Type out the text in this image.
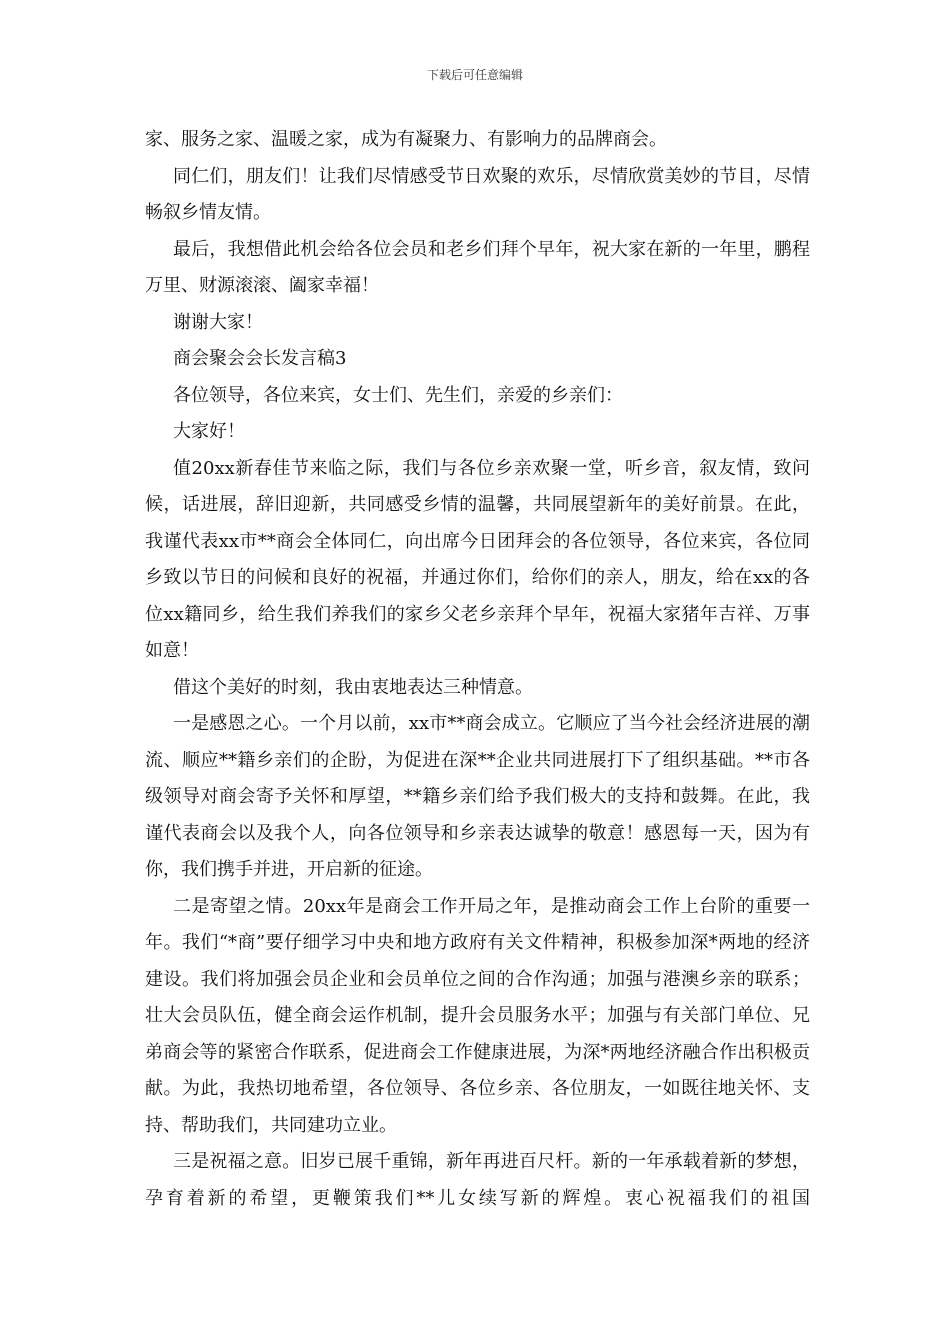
下载后可任意编辑

家、服务之家、温暖之家，成为有凝聚力、有影响力的品牌商会。

同仁们，朋友们！让我们尽情感受节日欢聚的欢乐，尽情欣赏美妙的节目，尽情畅叙乡情友情。

最后，我想借此机会给各位会员和老乡们拜个早年，祝大家在新的一年里，鹏程万里、财源滚滚、阖家幸福！

谢谢大家！

商会聚会会长发言稿3

各位领导，各位来宾，女士们、先生们，亲爱的乡亲们：

大家好！

值20xx新春佳节来临之际，我们与各位乡亲欢聚一堂，听乡音，叙友情，致问候，话进展，辞旧迎新，共同感受乡情的温馨，共同展望新年的美好前景。在此，我谨代表xx市**商会全体同仁，向出席今日团拜会的各位领导，各位来宾，各位同乡致以节日的问候和良好的祝福，并通过你们，给你们的亲人，朋友，给在xx的各位xx籍同乡，给生我们养我们的家乡父老乡亲拜个早年，祝福大家猪年吉祥、万事如意！

借这个美好的时刻，我由衷地表达三种情意。

一是感恩之心。一个月以前，xx市**商会成立。它顺应了当今社会经济进展的潮流、顺应**籍乡亲们的企盼，为促进在深**企业共同进展打下了组织基础。**市各级领导对商会寄予关怀和厚望，**籍乡亲们给予我们极大的支持和鼓舞。在此，我谨代表商会以及我个人，向各位领导和乡亲表达诚挚的敬意！感恩每一天，因为有你，我们携手并进，开启新的征途。

二是寄望之情。20xx年是商会工作开局之年，是推动商会工作上台阶的重要一年。我们“*商”要仔细学习中央和地方政府有关文件精神，积极参加深*两地的经济建设。我们将加强会员企业和会员单位之间的合作沟通；加强与港澳乡亲的联系；壮大会员队伍，健全商会运作机制，提升会员服务水平；加强与有关部门单位、兄弟商会等的紧密合作联系，促进商会工作健康进展，为深*两地经济融合作出积极贡献。为此，我热切地希望，各位领导、各位乡亲、各位朋友，一如既往地关怀、支持、帮助我们，共同建功立业。

三是祝福之意。旧岁已展千重锦，新年再进百尺杆。新的一年承载着新的梦想，孕育着新的希望，更鞭策我们**儿女续写新的辉煌。衷心祝福我们的祖国
